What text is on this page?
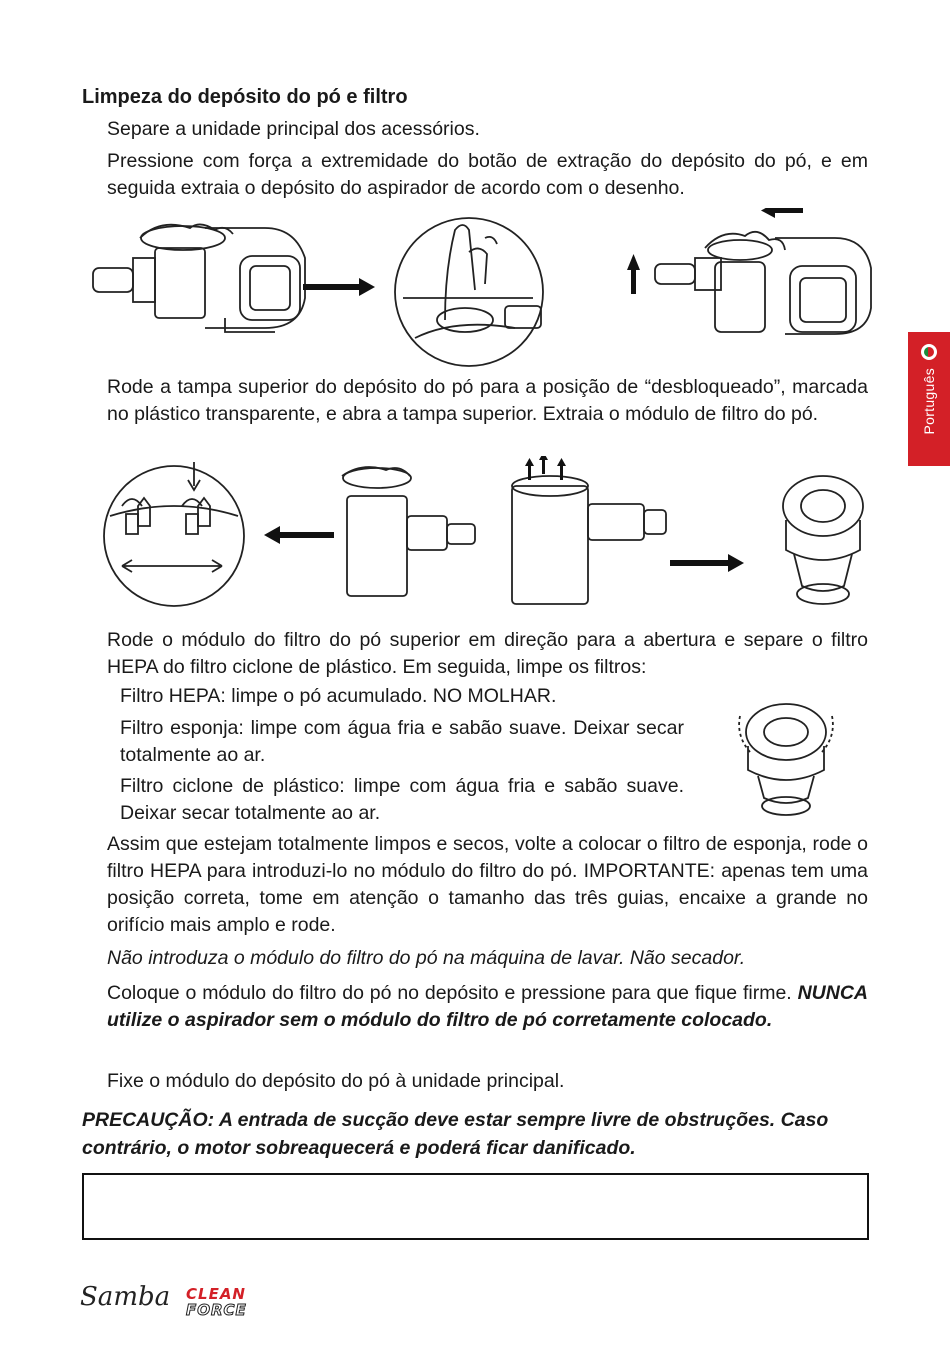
Limpeza do depósito do pó e filtro
Separe a unidade principal dos acessórios.
Pressione com força a extremidade do botão de extração do depósito do pó, e em seguida extraia o depósito do aspirador de acordo com o desenho.
Rode a tampa superior do depósito do pó para a posição de “desbloqueado”, marcada no plástico transparente, e abra a tampa superior. Extraia o módulo de filtro do pó.
Rode o módulo do filtro do pó superior em direção para a abertura e separe o filtro HEPA do filtro ciclone de plástico. Em seguida, limpe os filtros:
Filtro HEPA: limpe o pó acumulado. NO MOLHAR.
Filtro esponja: limpe com água fria e sabão suave. Deixar secar totalmente ao ar.
Filtro ciclone de plástico: limpe com água fria e sabão suave. Deixar secar totalmente ao ar.
Assim que estejam totalmente limpos e secos, volte a colocar o filtro de esponja, rode o filtro HEPA para introduzi-lo no módulo do filtro do pó. IMPORTANTE: apenas tem uma posição correta, tome em atenção o tamanho das três guias, encaixe a grande no orifício mais amplo e rode.
Não introduza o módulo do filtro do pó na máquina de lavar. Não secador.
Coloque o módulo do filtro do pó no depósito e pressione para que fique firme. NUNCA utilize o aspirador sem o módulo do filtro de pó corretamente colocado.
Fixe o módulo do depósito do pó à unidade principal.
PRECAUÇÃO: A entrada de sucção deve estar sempre livre de obstruções. Caso contrário, o motor sobreaquecerá e poderá ficar danificado.
Português
Samba CLEAN
FORCE
